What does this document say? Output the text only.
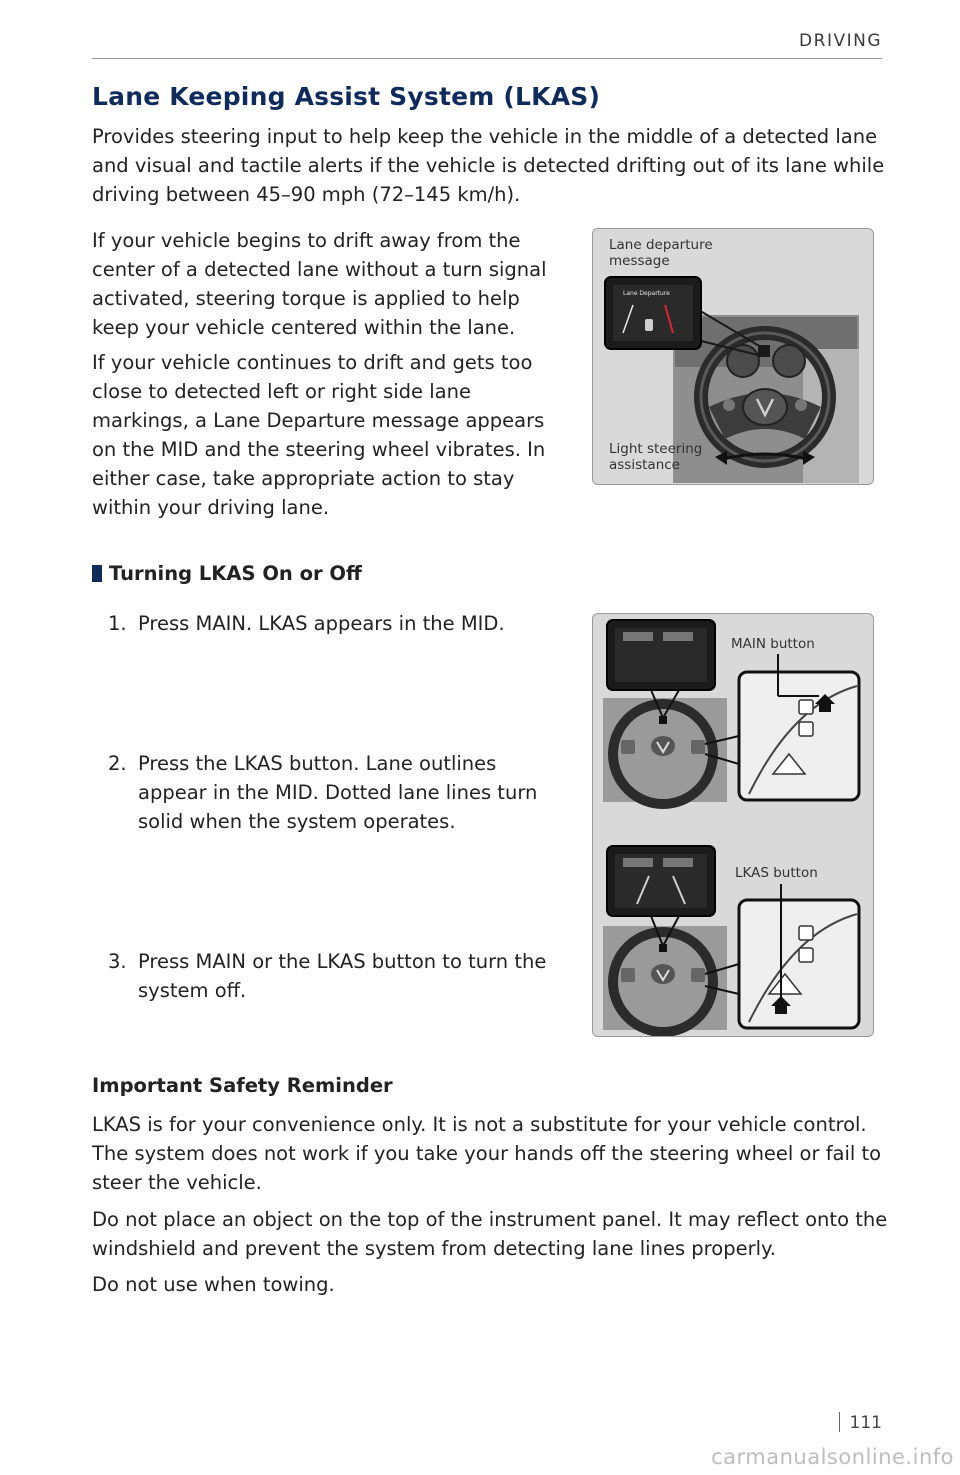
DRIVING
Lane Keeping Assist System (LKAS)

Provides steering input to help keep the vehicle in the middle of a detected lane and visual and tactile alerts if the vehicle is detected drifting out of its lane while driving between 45–90 mph (72–145 km/h).

If your vehicle begins to drift away from the center of a detected lane without a turn signal activated, steering torque is applied to help keep your vehicle centered within the lane.

If your vehicle continues to drift and gets too close to detected left or right side lane markings, a Lane Departure message appears on the MID and the steering wheel vibrates. In either case, take appropriate action to stay within your driving lane.

Lane Departure
Lane departure message
Light steering assistance
Turning LKAS On or Off
1. Press MAIN. LKAS appears in the MID.
2. Press the LKAS button. Lane outlines appear in the MID. Dotted lane lines turn solid when the system operates.
3. Press MAIN or the LKAS button to turn the system off.
MAIN button
LKAS button
Important Safety Reminder

LKAS is for your convenience only. It is not a substitute for your vehicle control. The system does not work if you take your hands off the steering wheel or fail to steer the vehicle.

Do not place an object on the top of the instrument panel. It may reflect onto the windshield and prevent the system from detecting lane lines properly.

Do not use when towing.

111
carmanualsonline.info
